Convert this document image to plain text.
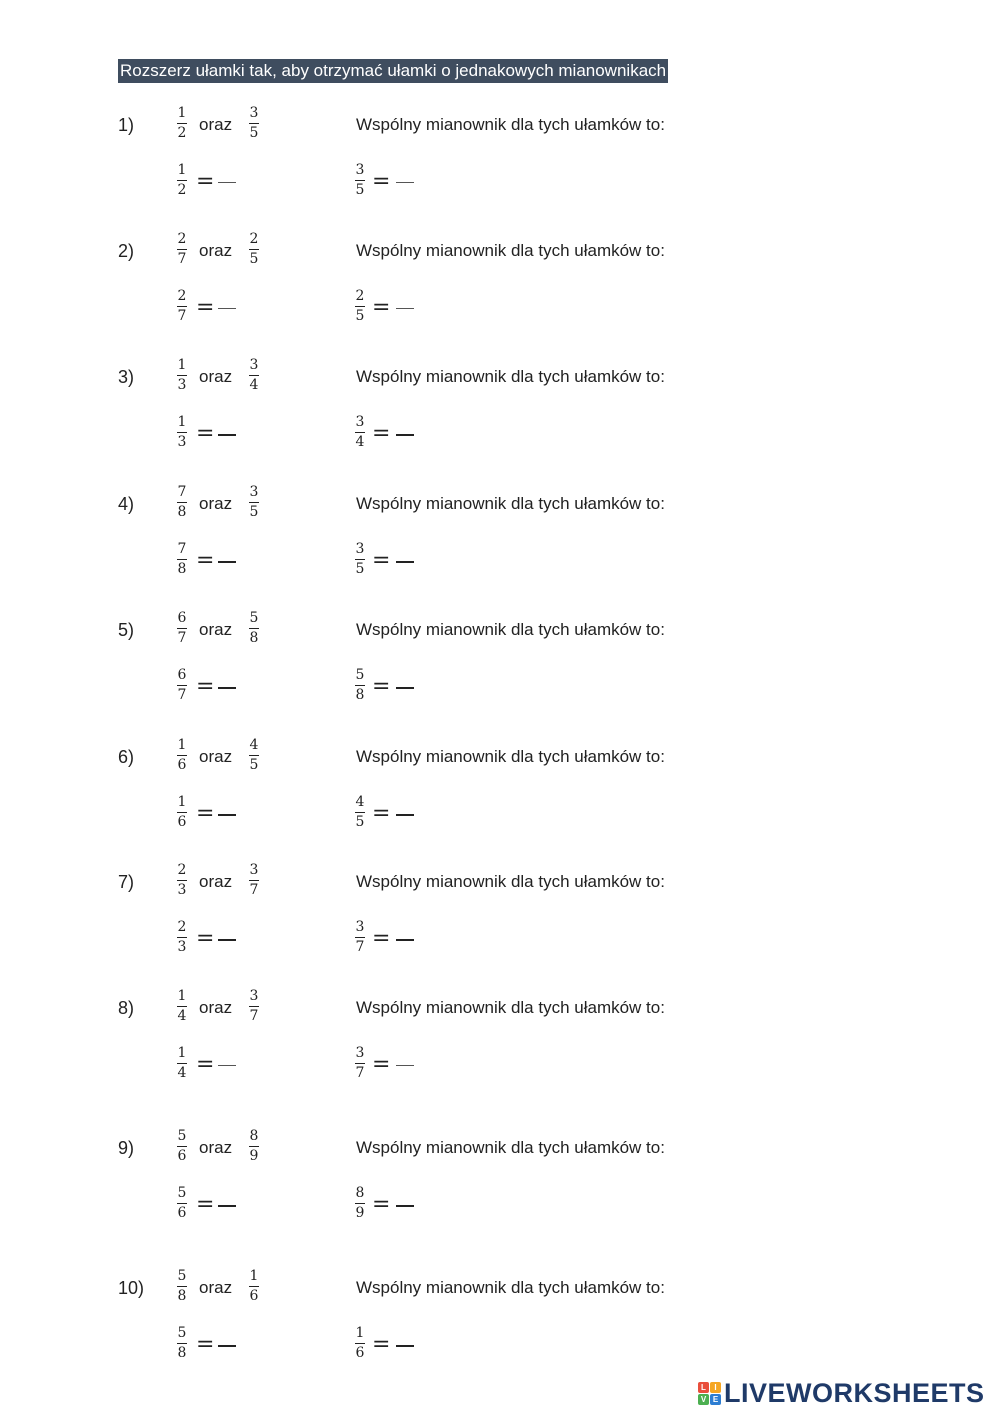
Rozszerz ułamki tak, aby otrzymać ułamki o jednakowych mianownikach
1)
1
2 oraz
3
5	Wspólny mianownik dla tych ułamków to:
1
2 =	3
5 =
2)
2
7 oraz
2
5	Wspólny mianownik dla tych ułamków to:
2
7 =	2
5 =
3)
1
3 oraz
3
4	Wspólny mianownik dla tych ułamków to:
1
3 =	3
4 =
4)
7
8 oraz
3
5	Wspólny mianownik dla tych ułamków to:
7
8 =	3
5 =
5)
6
7 oraz
5
8	Wspólny mianownik dla tych ułamków to:
6
7 =	5
8 =
6)
1
6 oraz
4
5	Wspólny mianownik dla tych ułamków to:
1
6 =	4
5 =
7)
2
3 oraz
3
7	Wspólny mianownik dla tych ułamków to:
2
3 =	3
7 =
8)
1
4 oraz
3
7	Wspólny mianownik dla tych ułamków to:
1
4 =	3
7 =
9)
5
6 oraz
8
9	Wspólny mianownik dla tych ułamków to:
5
6 =	8
9 =
10)
5
8 oraz
1
6	Wspólny mianownik dla tych ułamków to:
5
8 =	1
6 =
L	I
V E LIVEWORKSHEETS
